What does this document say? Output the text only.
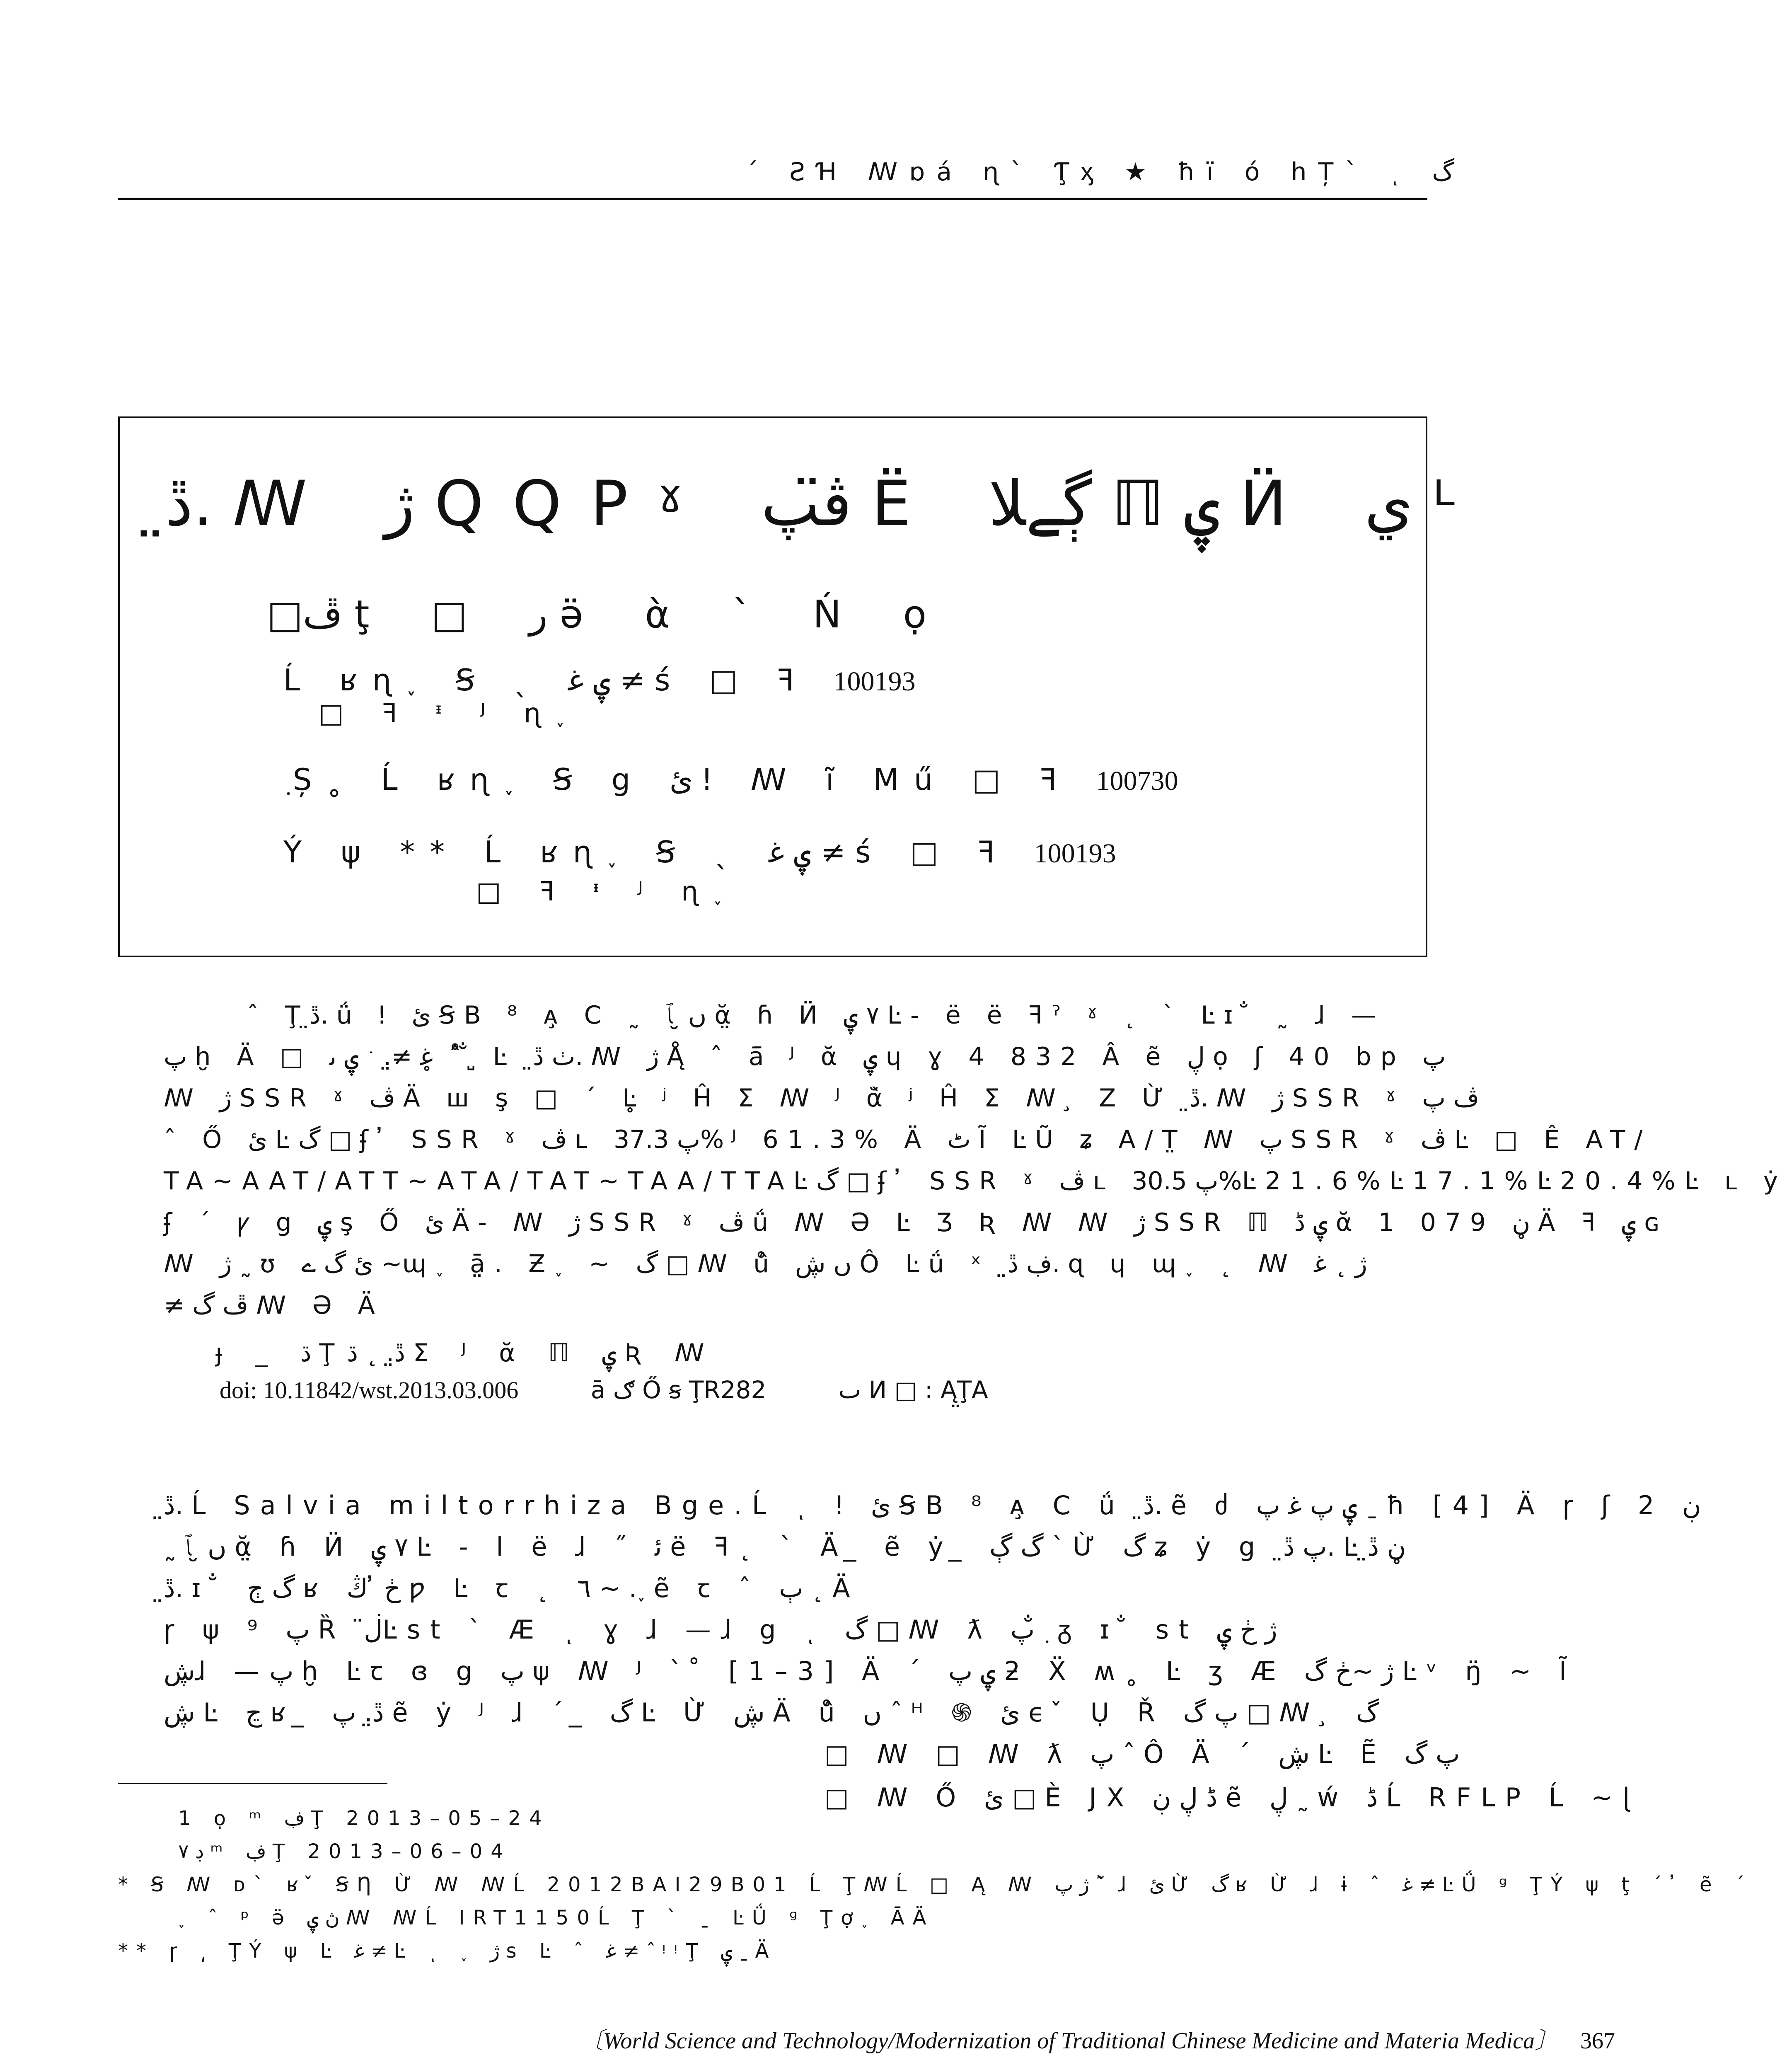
ˊ ƧꞪ ꟿɒá ɳˋ Ƭ̧ᶍ ★ ħï ó hȚˋ ͺ گ
ڐ̤. ꟿ ژ QQPˠ ڤ̈پ Ë ڳےﻼ ℿ ۑ Ӥ ي ᴸ
□ڦ ţ □ ر ə̈ ὰ ˋ Ń ọ
Ĺ ʁɳ˯ Ꞩ ˎ ۑ ﻏ ≠ ś □ ꟻ 100193
□ ꟻ ᶧ ᴶ ɳ˯
ٜ Ș˳ Ĺ ʁɳ˯ Ꞩ ց ئ ǃ ꟿ ĩ Mű □ ꟻ 100730
Ý ψ ** Ĺ ʁɳ˯ Ꞩ ˎ ۑ ﻏ ≠ ś □ ꟻ 100193
□ ꟻ ᶧ ᴶ ɳ˯
ˆ Ţڐ̤. ǘ ǃ ئ ꞨB ⁸ ᴀ̧ C ˷ ں ̮ ﭑ ᾰ̤ ɦ Ӥ ٧ ۑ Ŀ- ë ë ꟻˀ ˠ ˛ ˋ Ŀɪ ̐ ˷ ɺ —
پ ḫ Ä □ ﻏ ≠̤. ﮲ ۑ ﯨ ̥ ˚ ̂ ̐ ̺ Ŀ ٺ ڐ̤. ꟿ ژ Ą̊ ˆ ā̄ ᴶ ᾰ ۑ ɥ ɣ 4 832 Â ẽ ڸ ọ ʃ 40 bp پ
ꟿ ژ SSR ˠ ڤ Ä ꟺ ş □ ˊ Ŀ̥ ʲ Ĥ Σ ꟿ ᴶ ᾰ̀ ʲ Ĥ Σ ꟿ ̧ Z Ừ ڐ̤. ꟿ ژ SSR ˠ ڤ پ
ˆ Ő ئ Ŀگ □ ʄ ̓ SSR ˠ ڤ ʟ پ 37.3% ᴶ 61.3% Ä ٹ Ĩ ĿŨ ʑ A/T̤ ꟿ پ SSR ˠ ڤ Ŀ □ Ê AT/
TA~AAT/ATT~ATA/TAT~TAA/TTAĿگ □ ʄ ̓ SSR ˠ ڤ ʟ پ 30.5%Ŀ21.6%Ŀ17.1%Ŀ20.4%Ŀ ʟ ẏ
ʄ ˊ ꝩ ց ۑ ş Ő ئ Ä- ꟿ ژ SSR ˠ ڤ ǘ ꟿ Ə Ŀ Ʒ Ʀ ꟿ ꟿ ژ SSR ℿ ۑ ڈ ᾰ 1 079 ڼ Ä ꟻ ۑ ɢ
ꟿ ژ ˷ ʊ ئ گ ے ~ɰ˯ ā̤. Ƶ˯ ~ گ □ ꟿ ů̂ ں ڜ Ô Ŀǘ ˣ ڣ ڐ̤. ɋ ɥ ɰ˯ ˛ ꟿ ژ ˛ ﻏ
≠ ڦ گ ꟿ Ə Ä
ɟ _ ڌ Ţڐ̤. ˛ ڌ Σ ᴶ ᾰ ℿ ۑ Ʀ ꟿ
doi: 10.11842/wst.2013.03.006	ā ګ Ő ꞩ ŢR282	ٮ И □ : Ą̤ŢA
ڐ̤. Ĺ Salvia miltorrhiza Bge.Ĺ ͺ ǃ ئ ꞨB ⁸ ᴀ̧ C ǘ ڐ̤. ẽ ძ ۑ پ ﻏ پ ˍ ħ [4] Ä ɼ ʃ 2 ڹ
˷ ں ̮ ﭑ ᾰ̤ ɦ Ӥ ٧ ۑ Ŀ - l ë ɺ ˝ ﺋ ë ꟻ˛ ˋ Ä ̲ ẽ ẏ ̲ گ ڳ ˋ Ừ گ ʑ ẏ ց پ ڐ̤. Ŀڼ ڐ̤
ڐ̤. ɪ ̐ گ ڄ ʁ ڂ ̓ ڭ ƿ Ŀ ꞇ ˛ ٦ ~ .˯ ẽ ꞇ ˆ ٻ ˛ Ä
ɼ ψ ⁹ پ Ȑ ڶ̈Ŀst ˋ Æ ͺ ɣ ɺ —ɺ ց ͺ گ □ ꟿ ƛ پ ̐ ٜ ᵹ ɪ ̐ st ژ ڂ ۑ
ڜɺ —پ ḫ Ŀꞇ ɞ ց پ ψ ꟿ ᴶ ˋ ̊ [1–3] Ä ˊ ۑ پ ƻ Ẍ ʍ˳ Ŀ ʒ Æ ژ ~ڂ گ Ŀᵛ ŋ̈ ~ Ĩ
ڜ Ŀ ڃ ʁ ̲ ڐ̤. پ ẽ ẏ ᴶ ɺ ˊ ̲ گ Ŀ Ừ ڜ Ä ů̂ ں ˆ ᴴ ֍ ئ ϵ ̌ Ụ Ř پ گ □ ꟿ ̧ گ
□ ꟿ □ ꟿ ƛ پ ˆ Ô Ä ˊ ڜ Ŀ Ẽ پ گ
□ ꟿ Ő ئ □ È JX ڈ ڸ ڹ ẽ ڸ ˷ ẃ ڈ Ĺ RFLP Ĺ ~ɭ
1 ọ ᵐ ڣ Ţ 2013–05–24
ڊ ٧ ᵐ ڣ Ţ 2013–06–04
* Ꞩ ꟿ ᴅˋ ʁ ̌ ꞨȠ Ừ ꟿ ꟿĹ 2012BAI29B01 Ĺ ŢꟿĹ □ Ą ꟿ ژ پ ˋ ̃ ɺ ئ Ừ گ ʁ Ừ ɺ ɨ ˆ ﻏ ≠ ĿǗ ᵍ ŢÝ ψ ţ ˊ ̓ ẽ ˊ
˯ ˆ ᵖ ə̈ ڽ ۑ ꟿ ꟿĹ IRT1150Ĺ Ţ ˋ ˍ ĿǗ ᵍ Ţợ˯ ᾹÄ
** ɼ ͵ ŢÝ ψ Ŀ ﻏ ≠ Ŀ ͺ ˯ ژ s Ŀ ˆ ﻏ ≠ ˆ ᵎᵎŢ ۑ ˍ Ä
〔World Science and Technology/Modernization of Traditional Chinese Medicine and Materia Medica〕 367
